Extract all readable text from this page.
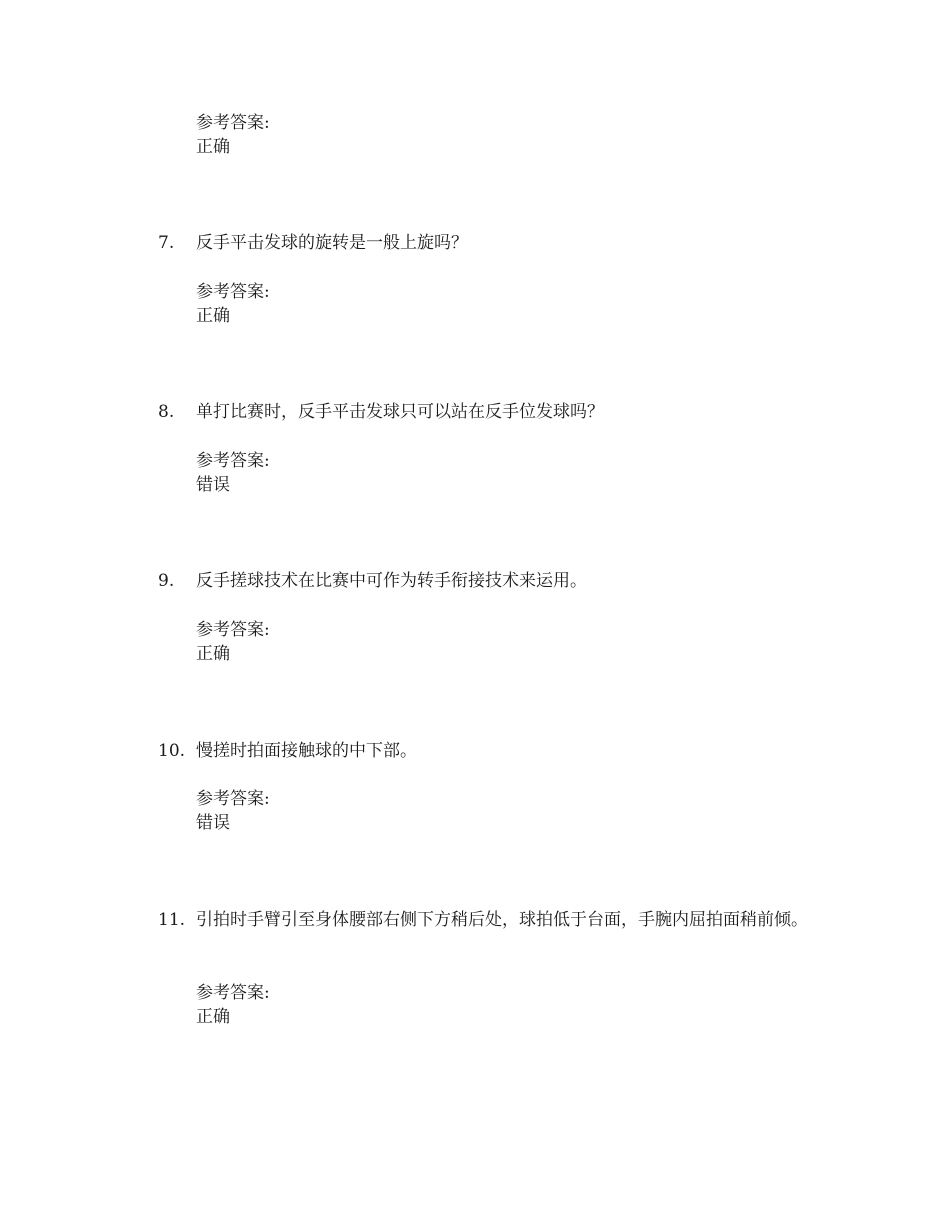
参考答案:
正确
7.	反手平击发球的旋转是一般上旋吗？
参考答案:
正确
8.	单打比赛时，反手平击发球只可以站在反手位发球吗？
参考答案:
错误
9.	反手搓球技术在比赛中可作为转手衔接技术来运用。
参考答案:
正确
10. 慢搓时拍面接触球的中下部。
参考答案:
错误
11. 引拍时手臂引至身体腰部右侧下方稍后处，球拍低于台面，手腕内屈拍面稍前倾。
参考答案:
正确
